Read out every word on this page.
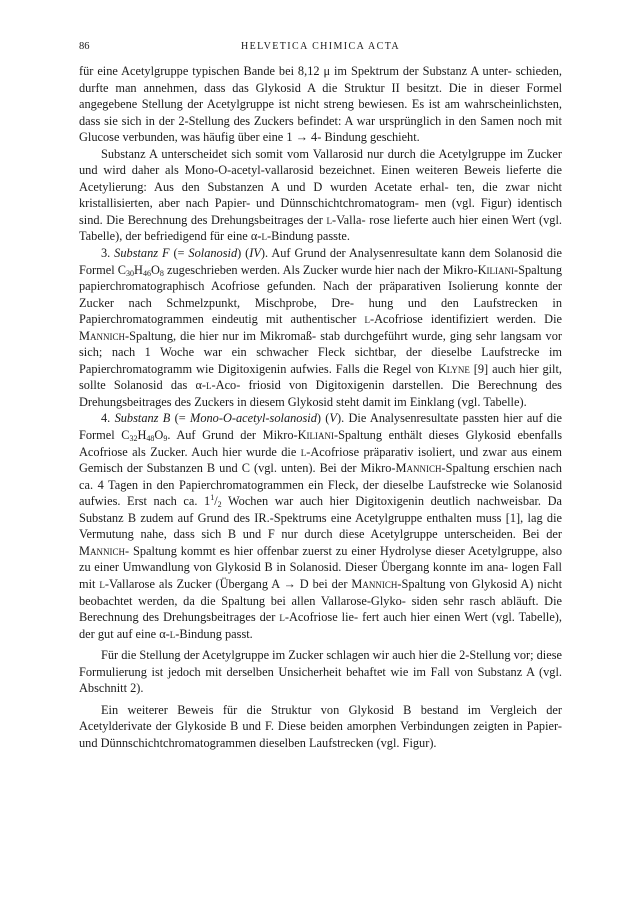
86	HELVETICA CHIMICA ACTA

für eine Acetylgruppe typischen Bande bei 8,12 μ im Spektrum der Substanz A unter- schieden, durfte man annehmen, dass das Glykosid A die Struktur II besitzt. Die in dieser Formel angegebene Stellung der Acetylgruppe ist nicht streng bewiesen. Es ist am wahrscheinlichsten, dass sie sich in der 2-Stellung des Zuckers befindet: A war ursprünglich in den Samen noch mit Glucose verbunden, was häufig über eine 1 → 4- Bindung geschieht.

Substanz A unterscheidet sich somit vom Vallarosid nur durch die Acetylgruppe im Zucker und wird daher als Mono-O-acetyl-vallarosid bezeichnet. Einen weiteren Beweis lieferte die Acetylierung: Aus den Substanzen A und D wurden Acetate erhal- ten, die zwar nicht kristallisierten, aber nach Papier- und Dünnschichtchromatogram- men (vgl. Figur) identisch sind. Die Berechnung des Drehungsbeitrages der l-Valla- rose lieferte auch hier einen Wert (vgl. Tabelle), der befriedigend für eine α-l-Bindung passte.

3. Substanz F (= Solanosid) (IV). Auf Grund der Analysenresultate kann dem Solanosid die Formel $C_{30}H_{46}O_8$ zugeschrieben werden. Als Zucker wurde hier nach der Mikro-Kiliani-Spaltung papierchromatographisch Acofriose gefunden. Nach der präparativen Isolierung konnte der Zucker nach Schmelzpunkt, Mischprobe, Dre- hung und den Laufstrecken in Papierchromatogrammen eindeutig mit authentischer l-Acofriose identifiziert werden. Die Mannich-Spaltung, die hier nur im Mikromaß- stab durchgeführt wurde, ging sehr langsam vor sich; nach 1 Woche war ein schwacher Fleck sichtbar, der dieselbe Laufstrecke im Papierchromatogramm wie Digitoxigenin aufwies. Falls die Regel von Klyne [9] auch hier gilt, sollte Solanosid das α-l-Aco- friosid von Digitoxigenin darstellen. Die Berechnung des Drehungsbeitrages des Zuckers in diesem Glykosid steht damit im Einklang (vgl. Tabelle).

4. Substanz B (= Mono-O-acetyl-solanosid) (V). Die Analysenresultate passten hier auf die Formel $C_{32}H_{48}O_9$. Auf Grund der Mikro-Kiliani-Spaltung enthält dieses Glykosid ebenfalls Acofriose als Zucker. Auch hier wurde die l-Acofriose präparativ isoliert, und zwar aus einem Gemisch der Substanzen B und C (vgl. unten). Bei der Mikro-Mannich-Spaltung erschien nach ca. 4 Tagen in den Papierchromatogrammen ein Fleck, der dieselbe Laufstrecke wie Solanosid aufwies. Erst nach ca. $1^1/_2$ Wochen war auch hier Digitoxigenin deutlich nachweisbar. Da Substanz B zudem auf Grund des IR.-Spektrums eine Acetylgruppe enthalten muss [1], lag die Vermutung nahe, dass sich B und F nur durch diese Acetylgruppe unterscheiden. Bei der Mannich- Spaltung kommt es hier offenbar zuerst zu einer Hydrolyse dieser Acetylgruppe, also zu einer Umwandlung von Glykosid B in Solanosid. Dieser Übergang konnte im ana- logen Fall mit l-Vallarose als Zucker (Übergang A → D bei der Mannich-Spaltung von Glykosid A) nicht beobachtet werden, da die Spaltung bei allen Vallarose-Glyko- siden sehr rasch abläuft. Die Berechnung des Drehungsbeitrages der l-Acofriose lie- fert auch hier einen Wert (vgl. Tabelle), der gut auf eine α-l-Bindung passt.

Für die Stellung der Acetylgruppe im Zucker schlagen wir auch hier die 2-Stellung vor; diese Formulierung ist jedoch mit derselben Unsicherheit behaftet wie im Fall von Substanz A (vgl. Abschnitt 2).

Ein weiterer Beweis für die Struktur von Glykosid B bestand im Vergleich der Acetylderivate der Glykoside B und F. Diese beiden amorphen Verbindungen zeigten in Papier- und Dünnschichtchromatogrammen dieselben Laufstrecken (vgl. Figur).
